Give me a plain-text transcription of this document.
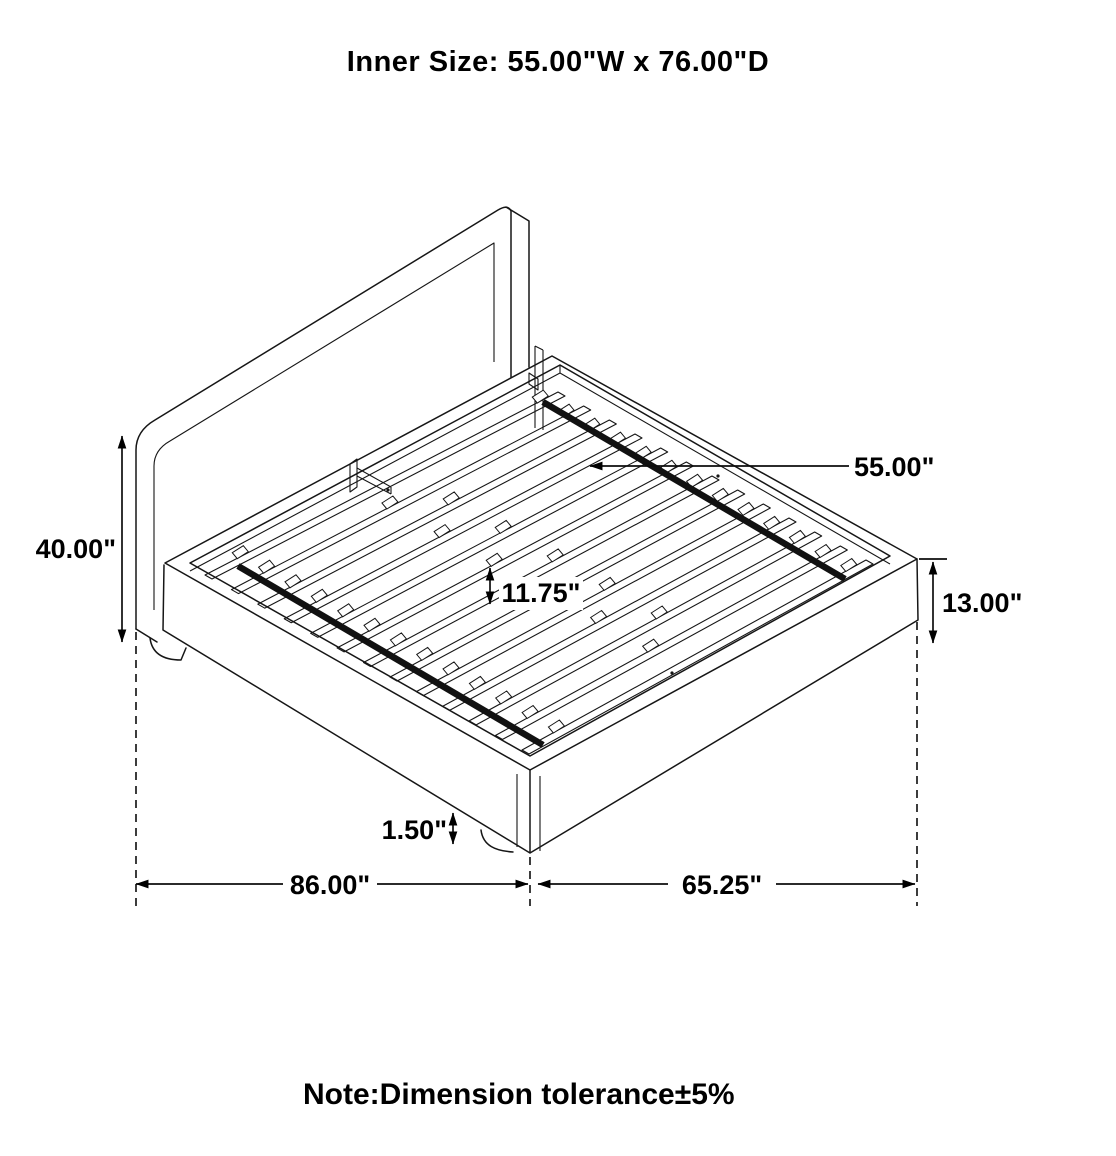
Inner Size: 55.00"W x 76.00"D
40.00"
13.00"
55.00"
11.75"
1.50"
86.00"	65.25"
Note:Dimension tolerance±5%
